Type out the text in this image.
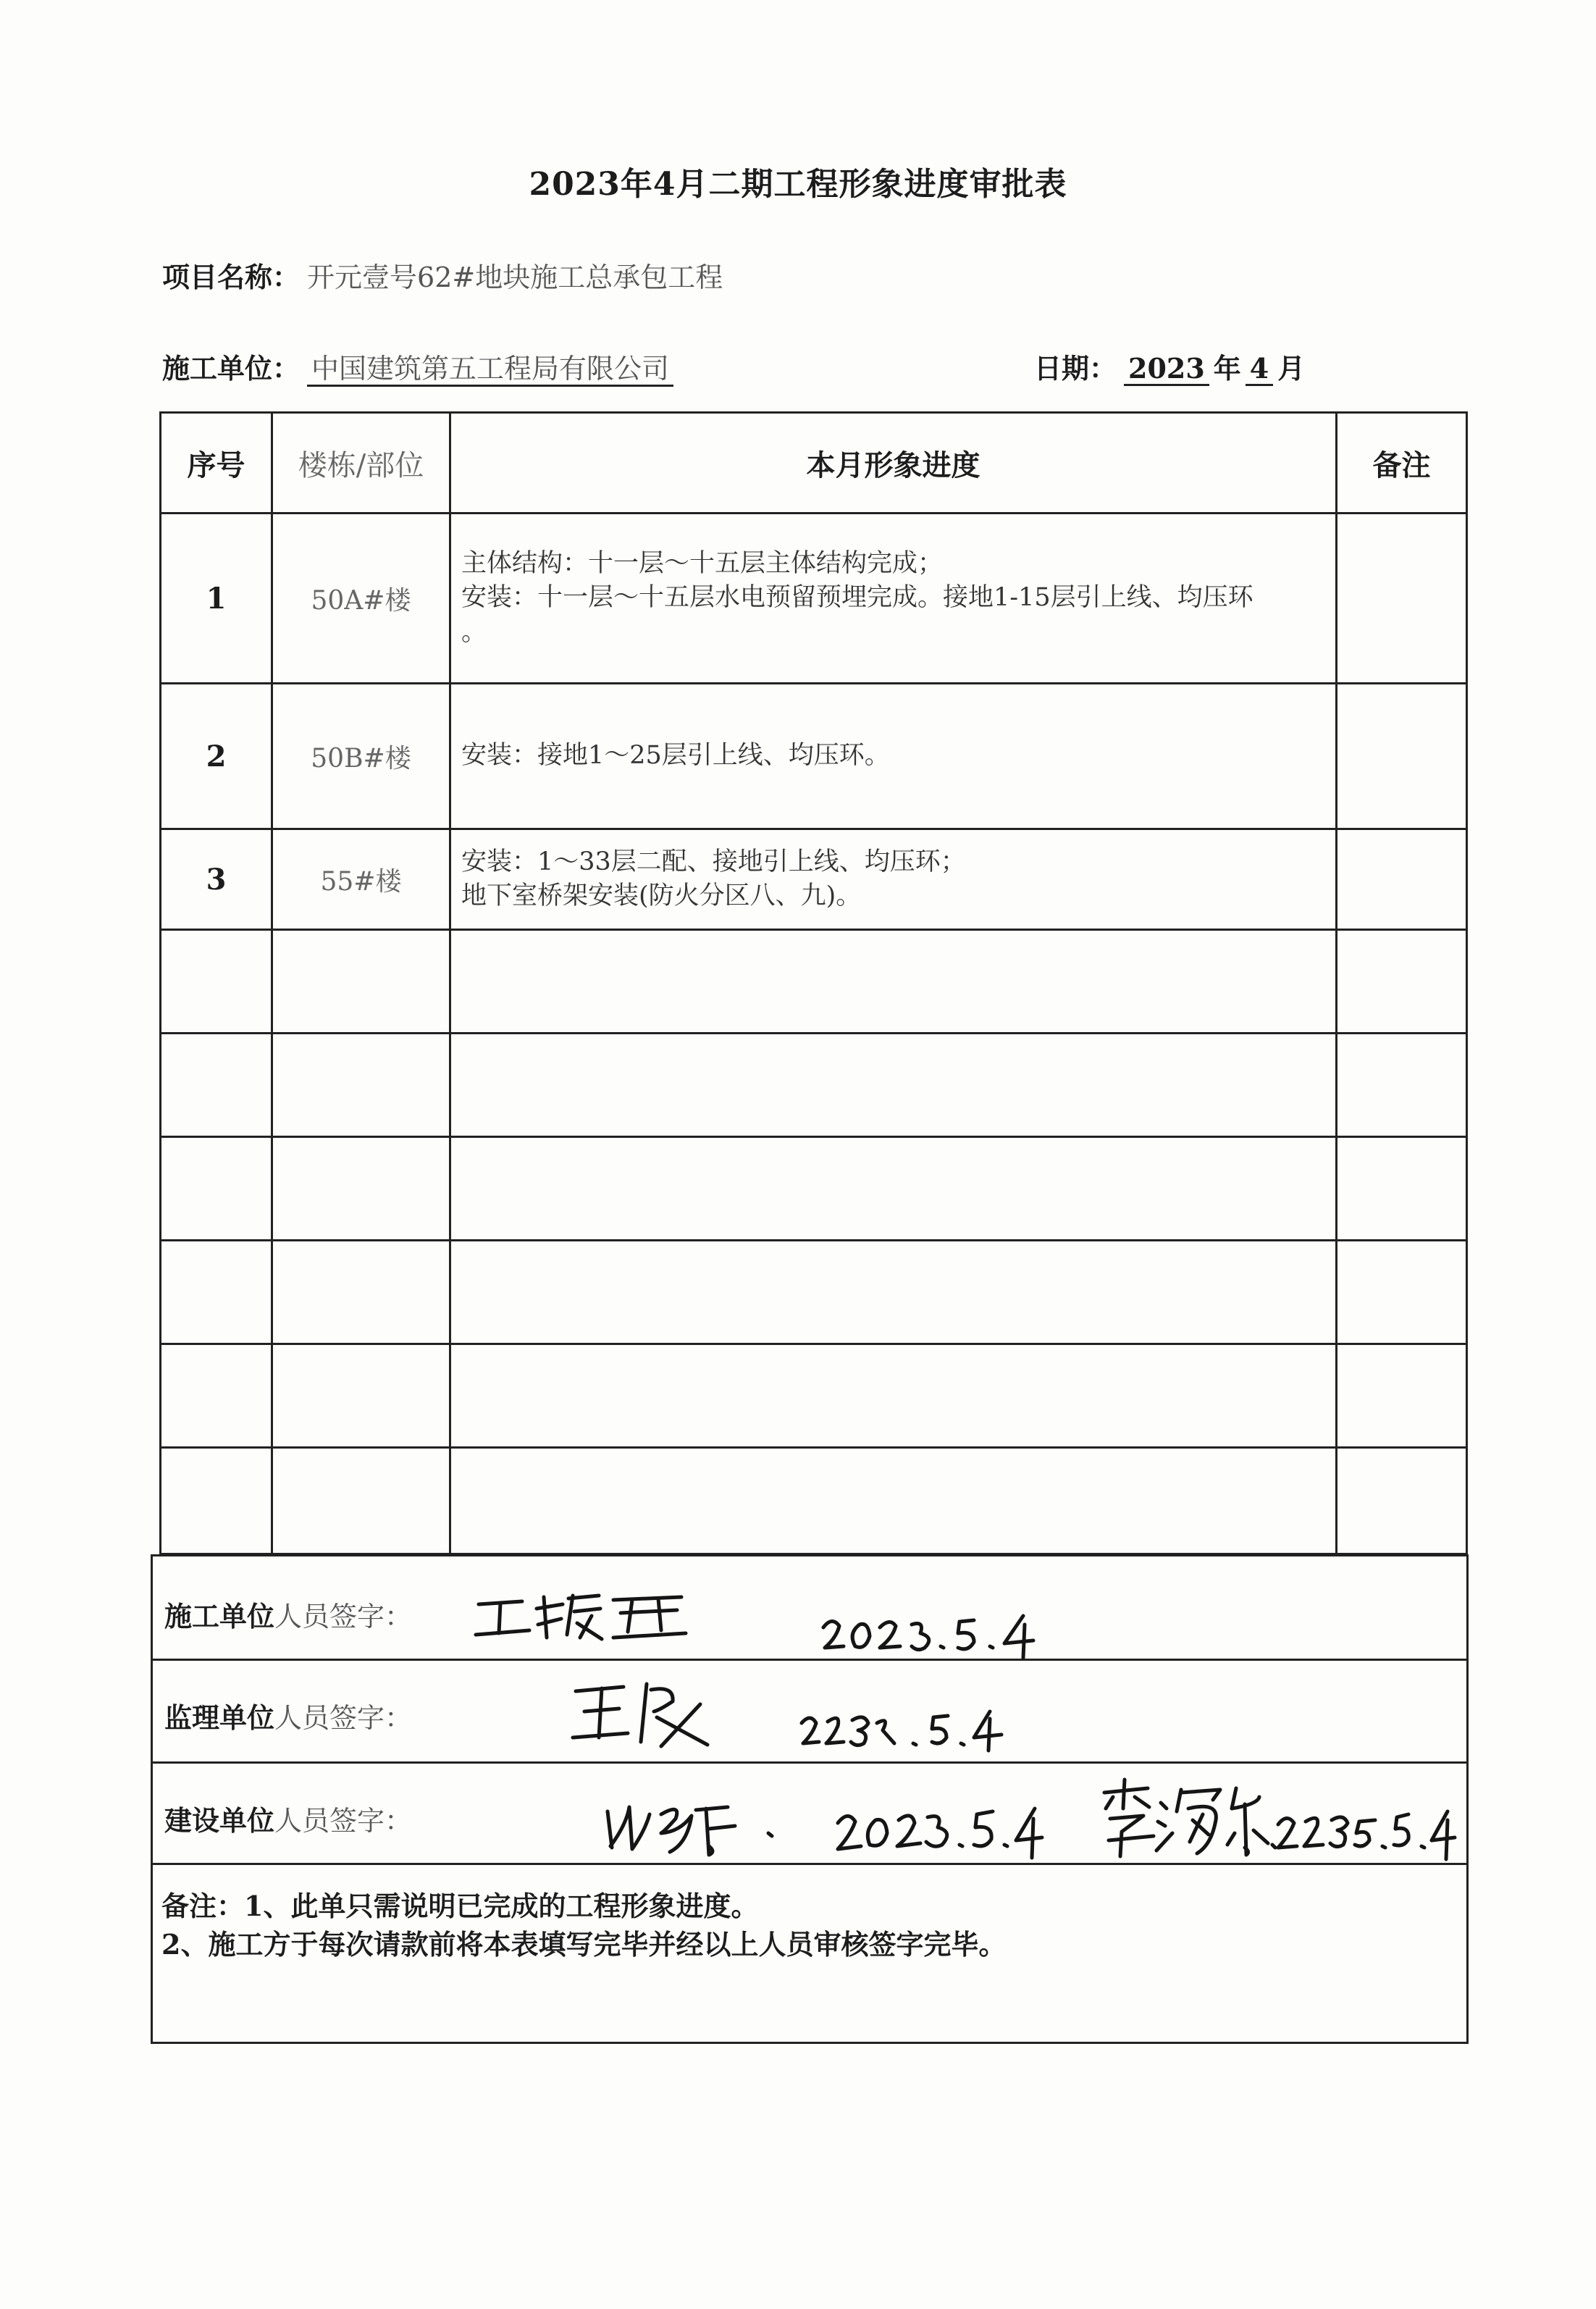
2023年4月二期工程形象进度审批表
项目名称： 开元壹号62#地块施工总承包工程
施工单位： 中国建筑第五工程局有限公司	日期： 2023 年 4 月
序号	楼栋/部位	本月形象进度	备注
1	50A#楼	主体结构：十一层～十五层主体结构完成；
安装：十一层～十五层水电预留预埋完成。接地1-15层引上线、均压环
。	

2	50B#楼	安装：接地1～25层引上线、均压环。	

3	55#楼	安装：1～33层二配、接地引上线、均压环；
地下室桥架安装(防火分区八、九)。	

施工单位人员签字：
监理单位人员签字：
建设单位人员签字：
备注：1、此单只需说明已完成的工程形象进度。
2、施工方于每次请款前将本表填写完毕并经以上人员审核签字完毕。
